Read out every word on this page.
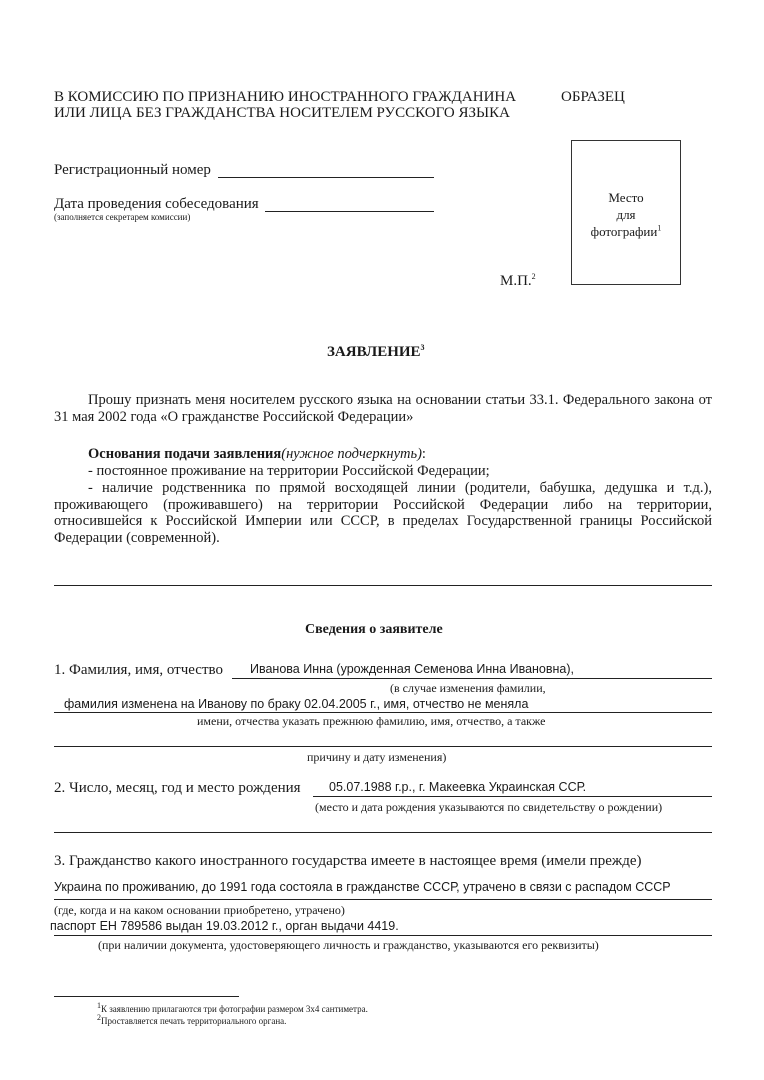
В КОМИССИЮ ПО ПРИЗНАНИЮ ИНОСТРАННОГО ГРАЖДАНИНА
ИЛИ ЛИЦА БЕЗ ГРАЖДАНСТВА НОСИТЕЛЕМ РУССКОГО ЯЗЫКА
ОБРАЗЕЦ
Регистрационный номер
Дата проведения собеседования
(заполняется секретарем комиссии)
Место
для
фотографии$^1$
М.П.$^2$
ЗАЯВЛЕНИЕ$^3$
Прошу признать меня носителем русского языка на основании статьи 33.1. Федерального закона от 31 мая 2002 года «О гражданстве Российской Федерации»
Основания подачи заявления(нужное подчеркнуть):
- постоянное проживание на территории Российской Федерации;
- наличие родственника по прямой восходящей линии (родители, бабушка, дедушка и т.д.), проживающего (проживавшего) на территории Российской Федерации либо на территории, относившейся к Российской Империи или СССР, в пределах Государственной границы Российской Федерации (современной).
Сведения о заявителе
1. Фамилия, имя, отчество Иванова Инна (урожденная Семенова Инна Ивановна),
(в случае изменения фамилии,
фамилия изменена на Иванову по браку 02.04.2005 г., имя, отчество не меняла
имени, отчества указать прежнюю фамилию, имя, отчество, а также
причину и дату изменения)
2. Число, месяц, год и место рождения 05.07.1988 г.р., г. Макеевка Украинская ССР.
(место и дата рождения указываются по свидетельству о рождении)
3. Гражданство какого иностранного государства имеете в настоящее время (имели прежде)
Украина по проживанию, до 1991 года состояла в гражданстве СССР, утрачено в связи с распадом СССР
(где, когда и на каком основании приобретено, утрачено)
паспорт ЕН 789586 выдан 19.03.2012 г., орган выдачи 4419.
(при наличии документа, удостоверяющего личность и гражданство, указываются его реквизиты)
$^1$К заявлению прилагаются три фотографии размером 3х4 сантиметра.
$^2$Проставляется печать территориального органа.
